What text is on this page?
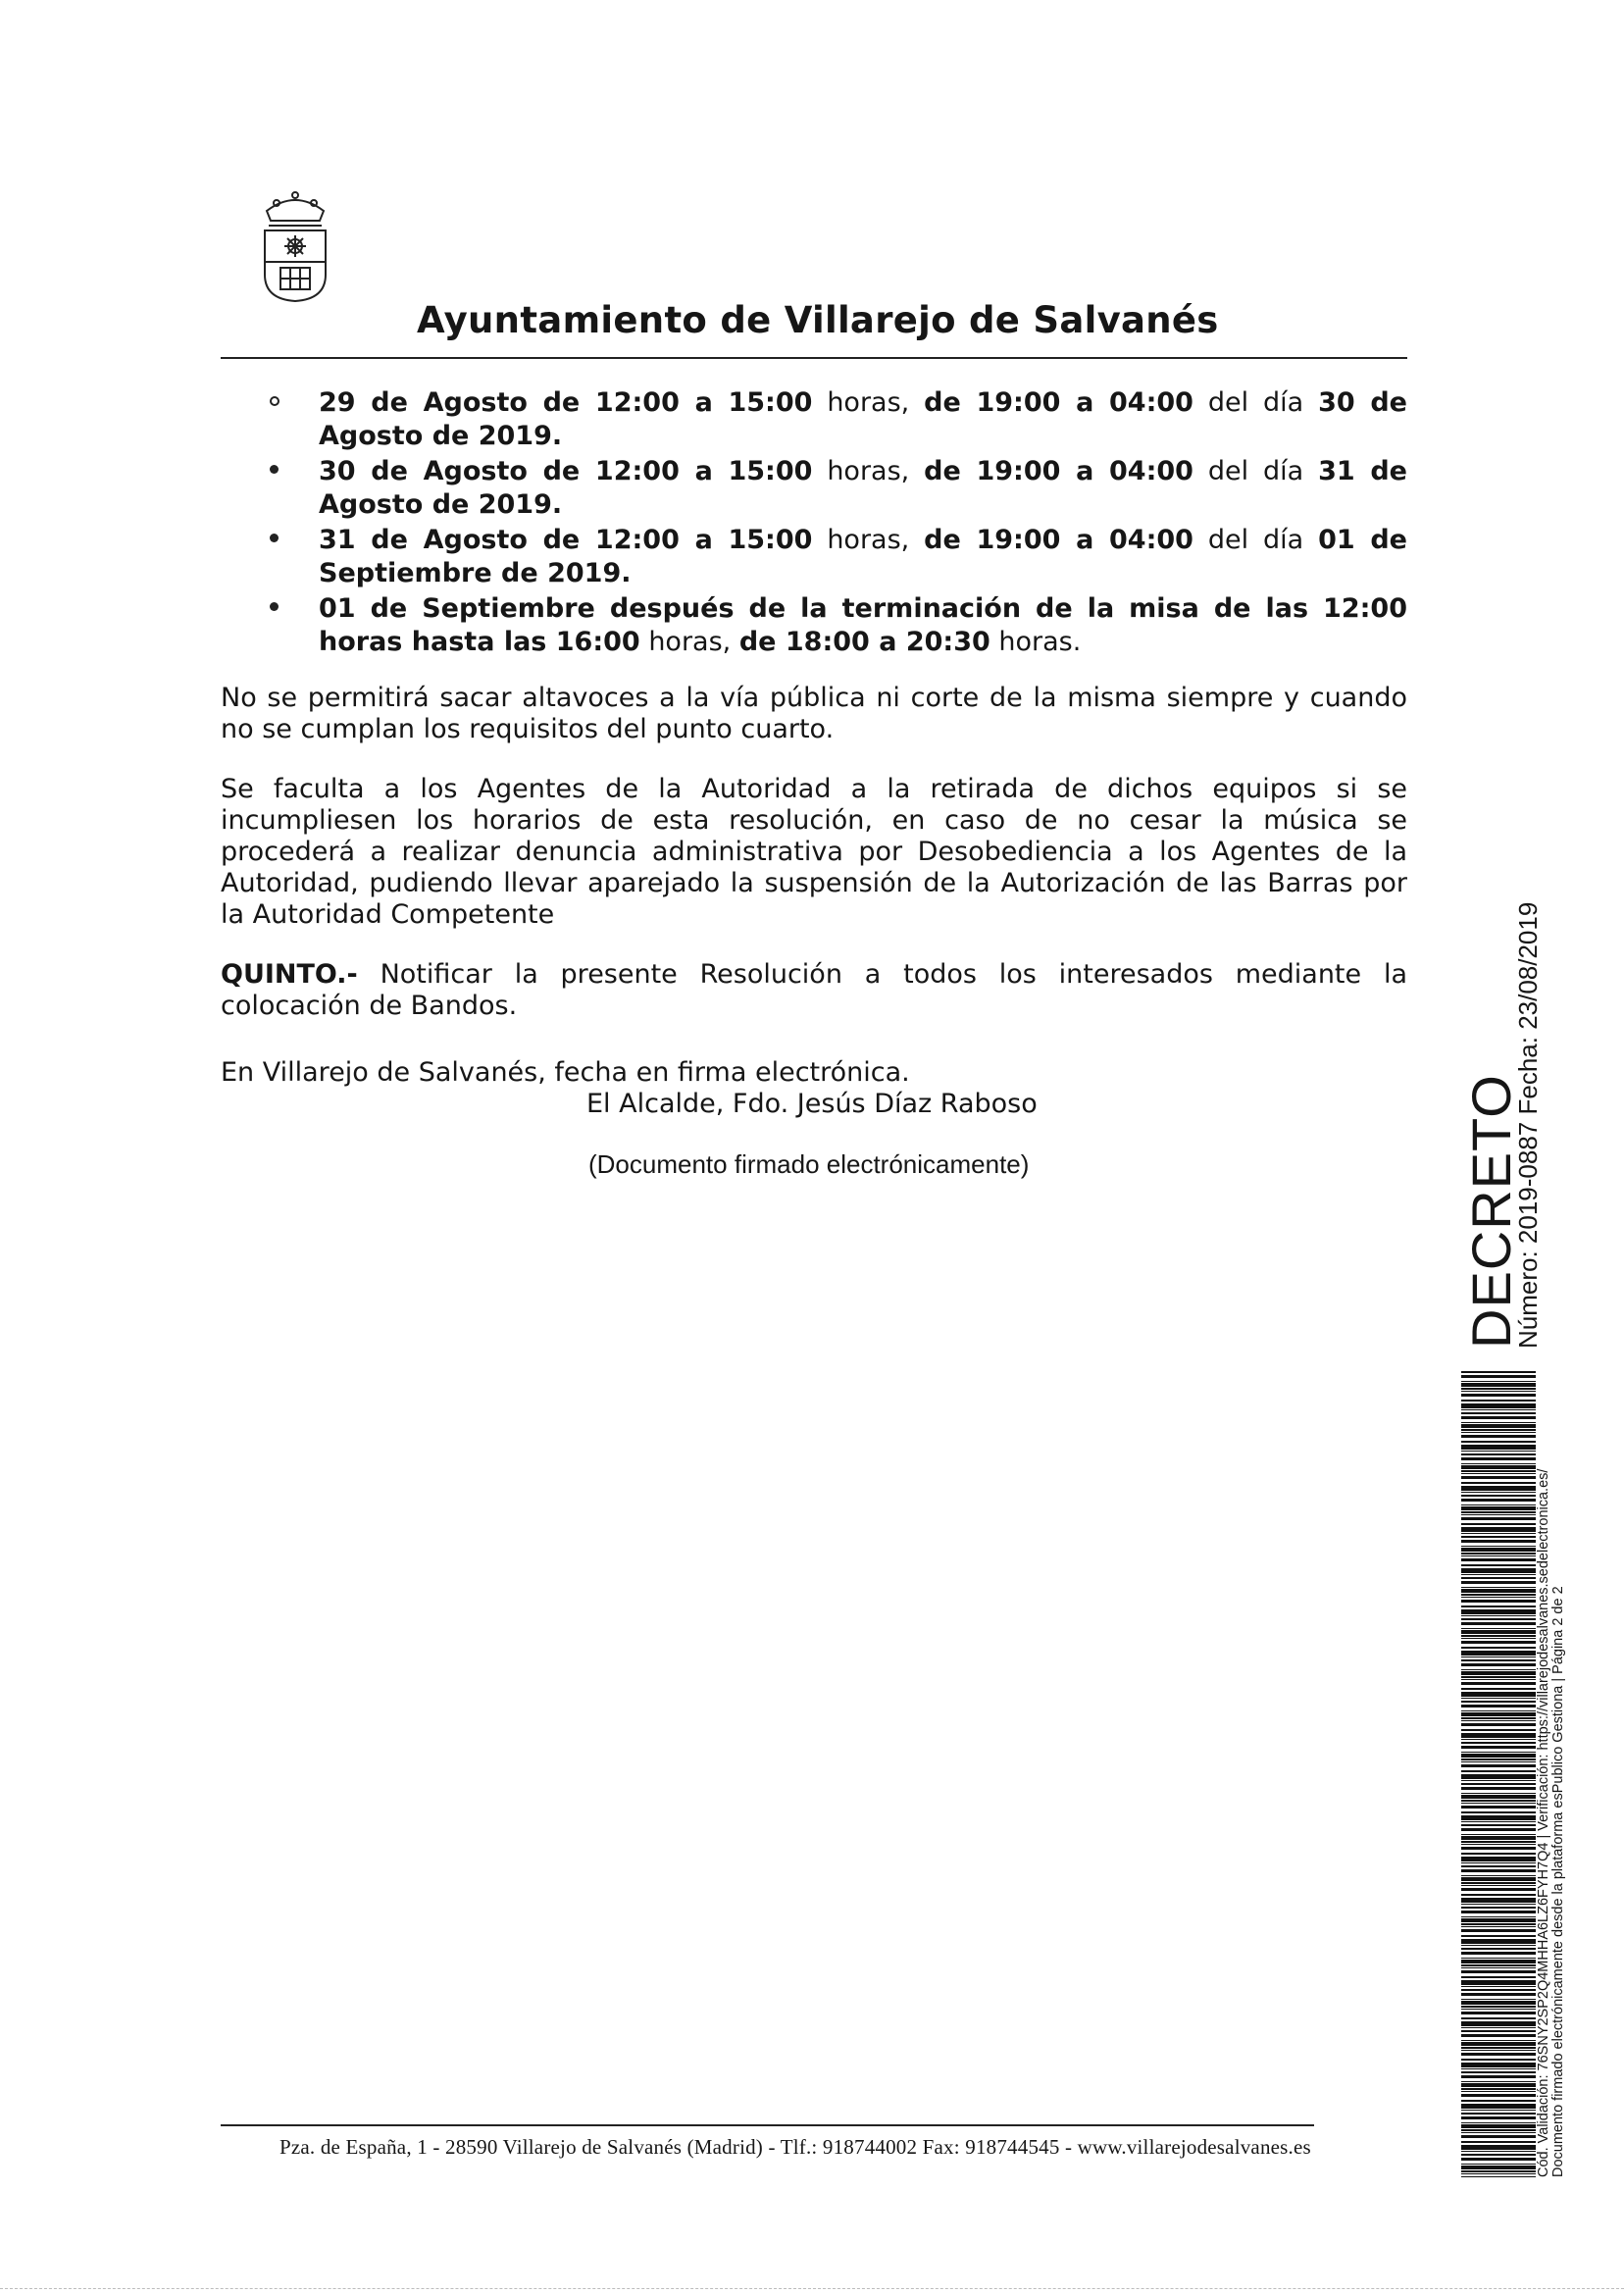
Ayuntamiento de Villarejo de Salvanés
29 de Agosto de 12:00 a 15:00 horas, de 19:00 a 04:00 del día 30 de Agosto de 2019.
30 de Agosto de 12:00 a 15:00 horas, de 19:00 a 04:00 del día 31 de Agosto de 2019.
31 de Agosto de 12:00 a 15:00 horas, de 19:00 a 04:00 del día 01 de Septiembre de 2019.
01 de Septiembre después de la terminación de la misa de las 12:00 horas hasta las 16:00 horas, de 18:00 a 20:30 horas.
No se permitirá sacar altavoces a la vía pública ni corte de la misma siempre y cuando no se cumplan los requisitos del punto cuarto.
Se faculta a los Agentes de la Autoridad a la retirada de dichos equipos si se incumpliesen los horarios de esta resolución, en caso de no cesar la música se procederá a realizar denuncia administrativa por Desobediencia a los Agentes de la Autoridad, pudiendo llevar aparejado la suspensión de la Autorización de las Barras por la Autoridad Competente
QUINTO.- Notificar la presente Resolución a todos los interesados mediante la colocación de Bandos.
En Villarejo de Salvanés, fecha en firma electrónica.
El Alcalde, Fdo. Jesús Díaz Raboso
(Documento firmado electrónicamente)
Pza. de España, 1 - 28590 Villarejo de Salvanés (Madrid) - Tlf.: 918744002 Fax: 918744545 - www.villarejodesalvanes.es
DECRETO
Número: 2019-0887 Fecha: 23/08/2019
Cód. Validación: 76SNY2SP2Q4MHHA6LZ6FYH7Q4 | Verificación: https://villarejodesalvanes.sedelectronica.es/ Documento firmado electrónicamente desde la plataforma esPublico Gestiona | Página 2 de 2
